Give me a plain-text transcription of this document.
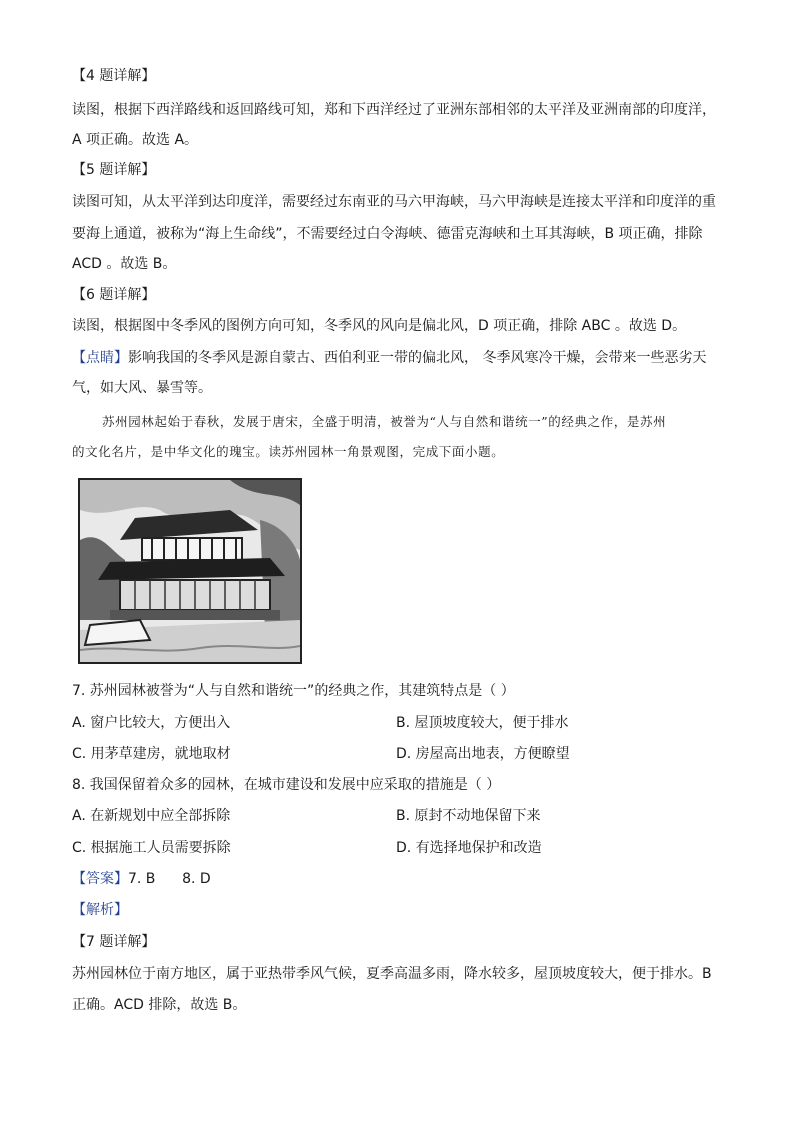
【4 题详解】
读图，根据下西洋路线和返回路线可知，郑和下西洋经过了亚洲东部相邻的太平洋及亚洲南部的印度洋，
A 项正确。故选 A。
【5 题详解】
读图可知，从太平洋到达印度洋，需要经过东南亚的马六甲海峡，马六甲海峡是连接太平洋和印度洋的重
要海上通道，被称为“海上生命线”，不需要经过白令海峡、德雷克海峡和土耳其海峡，B 项正确，排除
ACD 。故选 B。
【6 题详解】
读图，根据图中冬季风的图例方向可知，冬季风的风向是偏北风，D 项正确，排除 ABC 。故选 D。
【点睛】影响我国的冬季风是源自蒙古、西伯利亚一带的偏北风， 冬季风寒冷干燥，会带来一些恶劣天
气，如大风、暴雪等。
苏州园林起始于春秋，发展于唐宋，全盛于明清，被誉为“人与自然和谐统一”的经典之作，是苏州
的文化名片，是中华文化的瑰宝。读苏州园林一角景观图，完成下面小题。
7. 苏州园林被誉为“人与自然和谐统一”的经典之作，其建筑特点是（ ）
A. 窗户比较大，方便出入	B. 屋顶坡度较大，便于排水
C. 用茅草建房，就地取材	D. 房屋高出地表，方便瞭望
8. 我国保留着众多的园林，在城市建设和发展中应采取的措施是（ ）
A. 在新规划中应全部拆除	B. 原封不动地保留下来
C. 根据施工人员需要拆除	D. 有选择地保护和改造
【答案】7. B      8. D
【解析】
【7 题详解】
苏州园林位于南方地区，属于亚热带季风气候，夏季高温多雨，降水较多，屋顶坡度较大，便于排水。B
正确。ACD 排除，故选 B。
